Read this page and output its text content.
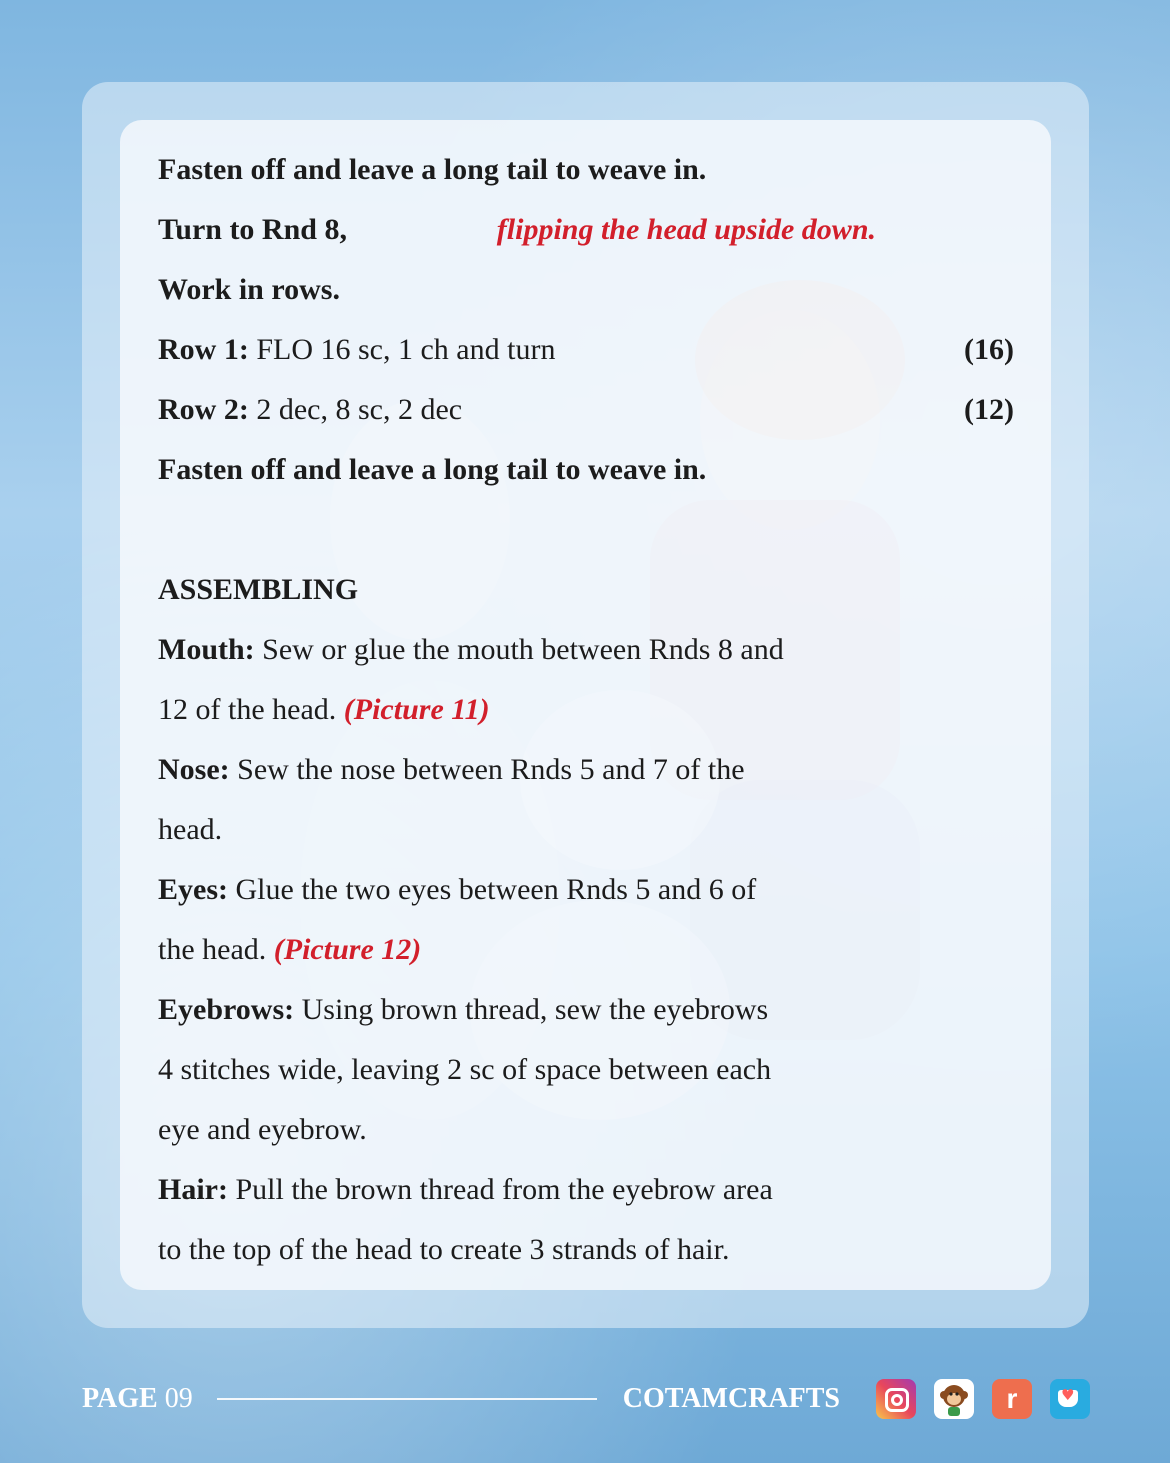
Fasten off and leave a long tail to weave in.
Turn to Rnd 8,	flipping the head upside down.
Work in rows.
Row 1: FLO 16 sc, 1 ch and turn	(16)
Row 2: 2 dec, 8 sc, 2 dec	(12)
Fasten off and leave a long tail to weave in.
ASSEMBLING
Mouth: Sew or glue the mouth between Rnds 8 and
12 of the head. (Picture 11)
Nose: Sew the nose between Rnds 5 and 7 of the
head.
Eyes: Glue the two eyes between Rnds 5 and 6 of
the head. (Picture 12)
Eyebrows: Using brown thread, sew the eyebrows
4 stitches wide, leaving 2 sc of space between each
eye and eyebrow.
Hair: Pull the brown thread from the eyebrow area
to the top of the head to create 3 strands of hair.
PAGE 09	COTAMCRAFTS	r
♥
